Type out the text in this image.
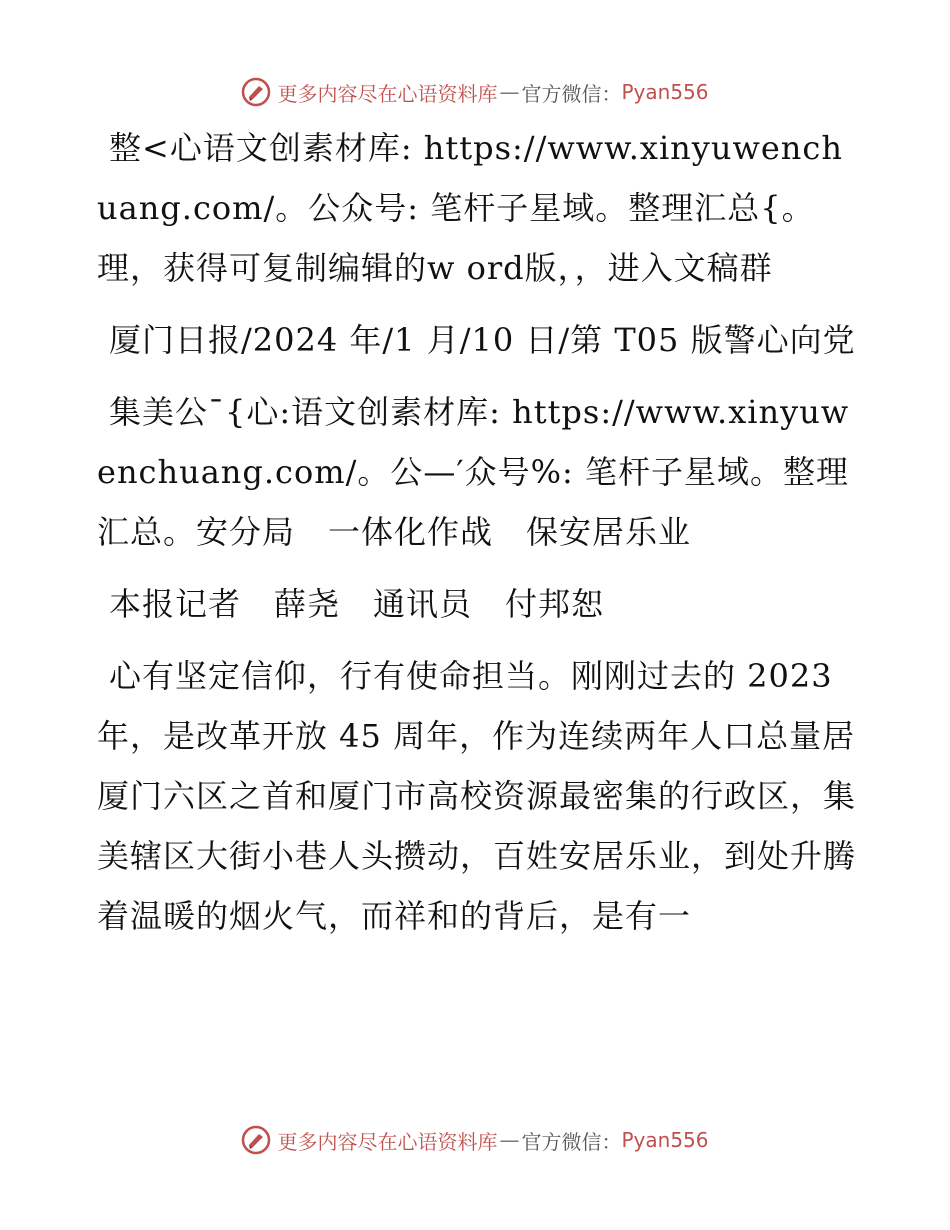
更多内容尽在心语资料库 — 官方微信： Pyan556

整<心语文创素材库: https://www.xinyuwenchuang.com/。公众号: 笔杆子星域。整理汇总{。理，获得可复制编辑的w ord版，，进入文稿群

厦门日报/2024 年/1 月/10 日/第 T05 版警心向党

集美公¯{心:语文创素材库: https://www.xinyuwenchuang.com/。公—′众号%: 笔杆子星域。整理汇总。安分局　一体化作战　保安居乐业

本报记者　薛尧　通讯员　付邦恕

心有坚定信仰，行有使命担当。刚刚过去的 2023 年，是改革开放 45 周年，作为连续两年人口总量居厦门六区之首和厦门市高校资源最密集的行政区，集美辖区大街小巷人头攒动，百姓安居乐业，到处升腾着温暖的烟火气，而祥和的背后，是有一

更多内容尽在心语资料库 — 官方微信： Pyan556
